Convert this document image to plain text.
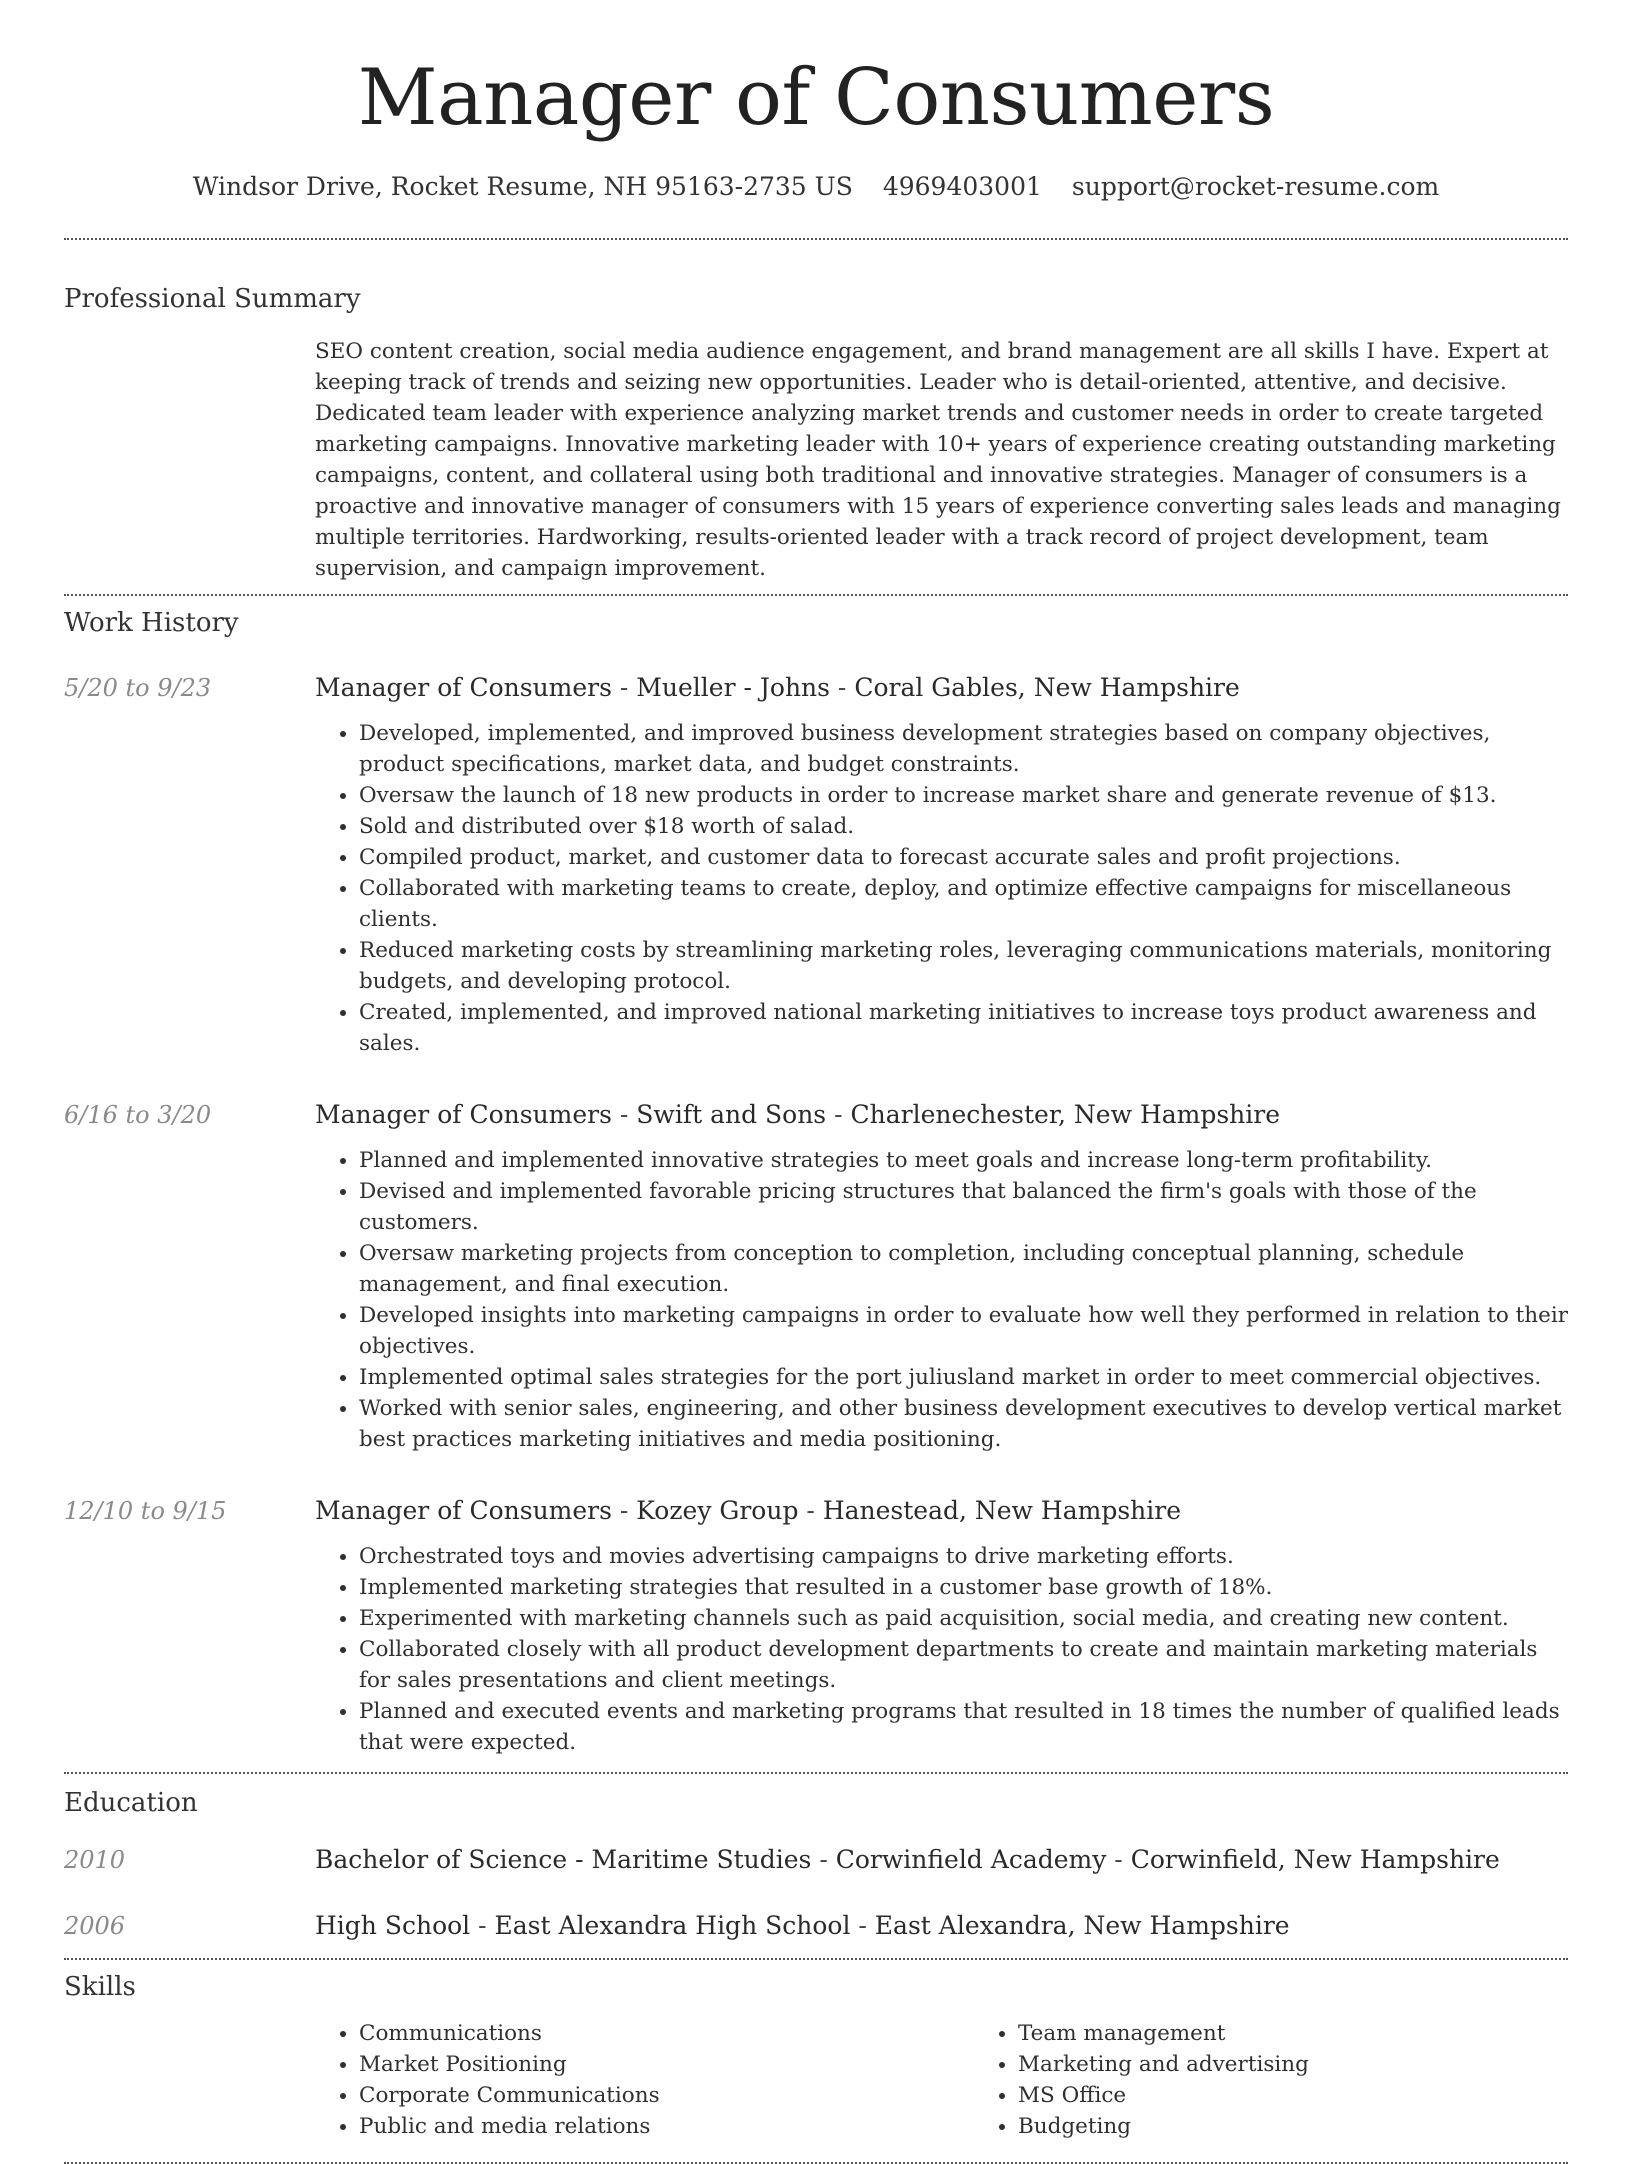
Manager of Consumers
Windsor Drive, Rocket Resume, NH 95163-2735 US 4969403001 support@rocket-resume.com
Professional Summary
SEO content creation, social media audience engagement, and brand management are all skills I have. Expert at keeping track of trends and seizing new opportunities. Leader who is detail-oriented, attentive, and decisive. Dedicated team leader with experience analyzing market trends and customer needs in order to create targeted marketing campaigns. Innovative marketing leader with 10+ years of experience creating outstanding marketing campaigns, content, and collateral using both traditional and innovative strategies. Manager of consumers is a proactive and innovative manager of consumers with 15 years of experience converting sales leads and managing multiple territories. Hardworking, results-oriented leader with a track record of project development, team supervision, and campaign improvement.
Work History
5/20 to 9/23	Manager of Consumers - Mueller - Johns - Coral Gables, New Hampshire
• Developed, implemented, and improved business development strategies based on company objectives, product specifications, market data, and budget constraints.
• Oversaw the launch of 18 new products in order to increase market share and generate revenue of $13.
• Sold and distributed over $18 worth of salad.
• Compiled product, market, and customer data to forecast accurate sales and profit projections.
• Collaborated with marketing teams to create, deploy, and optimize effective campaigns for miscellaneous clients.
• Reduced marketing costs by streamlining marketing roles, leveraging communications materials, monitoring budgets, and developing protocol.
• Created, implemented, and improved national marketing initiatives to increase toys product awareness and sales.
6/16 to 3/20	Manager of Consumers - Swift and Sons - Charlenechester, New Hampshire
• Planned and implemented innovative strategies to meet goals and increase long-term profitability.
• Devised and implemented favorable pricing structures that balanced the firm's goals with those of the customers.
• Oversaw marketing projects from conception to completion, including conceptual planning, schedule management, and final execution.
• Developed insights into marketing campaigns in order to evaluate how well they performed in relation to their objectives.
• Implemented optimal sales strategies for the port juliusland market in order to meet commercial objectives.
• Worked with senior sales, engineering, and other business development executives to develop vertical market best practices marketing initiatives and media positioning.
12/10 to 9/15	Manager of Consumers - Kozey Group - Hanestead, New Hampshire
• Orchestrated toys and movies advertising campaigns to drive marketing efforts.
• Implemented marketing strategies that resulted in a customer base growth of 18%.
• Experimented with marketing channels such as paid acquisition, social media, and creating new content.
• Collaborated closely with all product development departments to create and maintain marketing materials for sales presentations and client meetings.
• Planned and executed events and marketing programs that resulted in 18 times the number of qualified leads that were expected.
Education
2010	Bachelor of Science - Maritime Studies - Corwinfield Academy - Corwinfield, New Hampshire
2006	High School - East Alexandra High School - East Alexandra, New Hampshire
Skills
• Communications
• Market Positioning
• Corporate Communications
• Public and media relations
• Team management
• Marketing and advertising
• MS Office
• Budgeting
